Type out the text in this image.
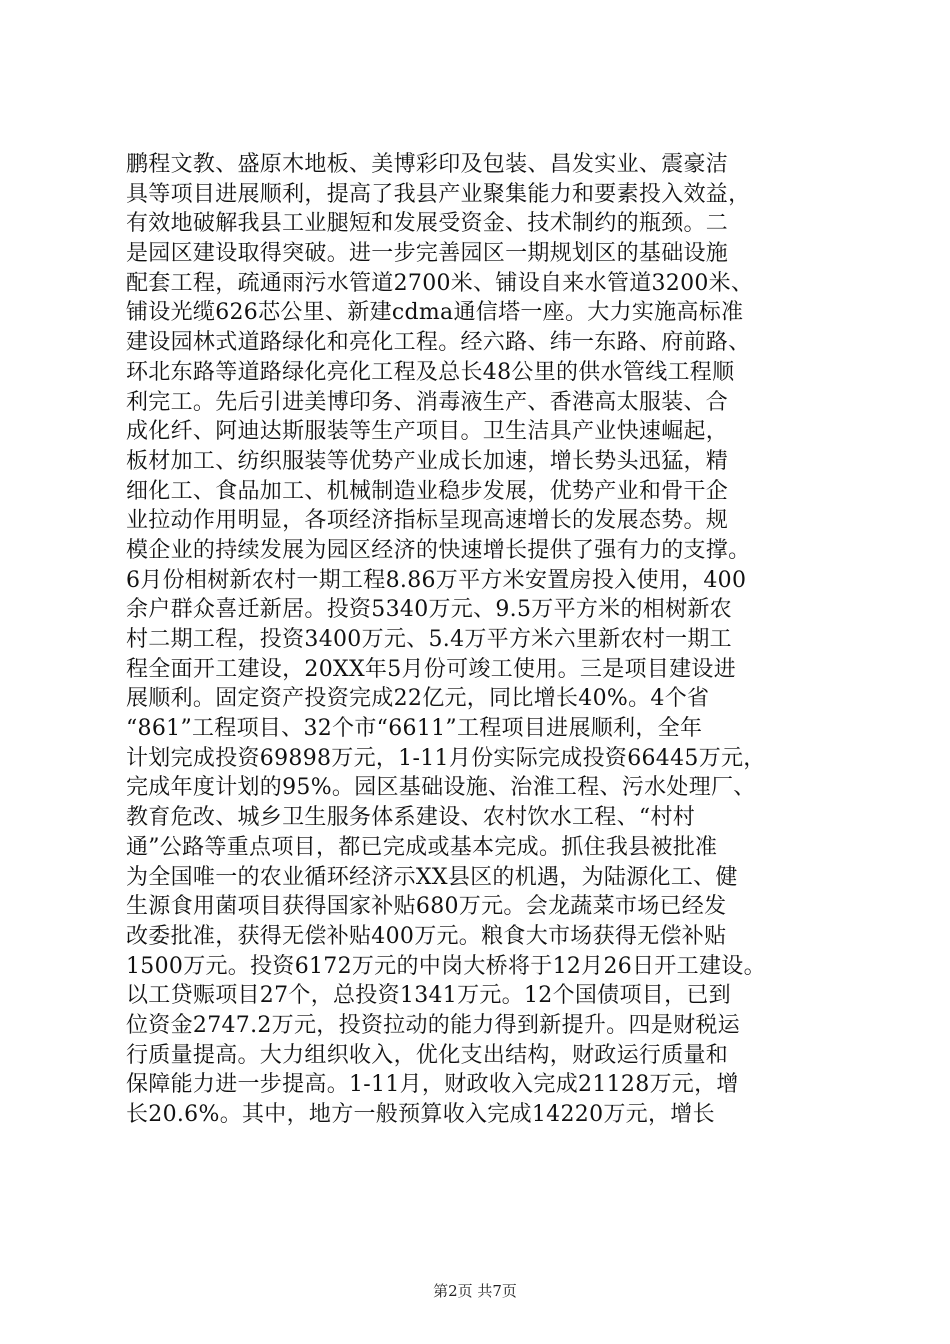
鹏程文教、盛原木地板、美博彩印及包装、昌发实业、震豪洁
具等项目进展顺利，提高了我县产业聚集能力和要素投入效益，
有效地破解我县工业腿短和发展受资金、技术制约的瓶颈。二
是园区建设取得突破。进一步完善园区一期规划区的基础设施
配套工程，疏通雨污水管道2700米、铺设自来水管道3200米、
铺设光缆626芯公里、新建cdma通信塔一座。大力实施高标准
建设园林式道路绿化和亮化工程。经六路、纬一东路、府前路、
环北东路等道路绿化亮化工程及总长48公里的供水管线工程顺
利完工。先后引进美博印务、消毒液生产、香港高太服装、合
成化纤、阿迪达斯服装等生产项目。卫生洁具产业快速崛起，
板材加工、纺织服装等优势产业成长加速，增长势头迅猛，精
细化工、食品加工、机械制造业稳步发展，优势产业和骨干企
业拉动作用明显，各项经济指标呈现高速增长的发展态势。规
模企业的持续发展为园区经济的快速增长提供了强有力的支撑。
6月份相树新农村一期工程8.86万平方米安置房投入使用，400
余户群众喜迁新居。投资5340万元、9.5万平方米的相树新农
村二期工程，投资3400万元、5.4万平方米六里新农村一期工
程全面开工建设，20XX年5月份可竣工使用。三是项目建设进
展顺利。固定资产投资完成22亿元，同比增长40%。4个省
“861”工程项目、32个市“6611”工程项目进展顺利，全年
计划完成投资69898万元，1-11月份实际完成投资66445万元，
完成年度计划的95%。园区基础设施、治淮工程、污水处理厂、
教育危改、城乡卫生服务体系建设、农村饮水工程、“村村
通”公路等重点项目，都已完成或基本完成。抓住我县被批准
为全国唯一的农业循环经济示XX县区的机遇，为陆源化工、健
生源食用菌项目获得国家补贴680万元。会龙蔬菜市场已经发
改委批准，获得无偿补贴400万元。粮食大市场获得无偿补贴
1500万元。投资6172万元的中岗大桥将于12月26日开工建设。
以工贷赈项目27个，总投资1341万元。12个国债项目，已到
位资金2747.2万元，投资拉动的能力得到新提升。四是财税运
行质量提高。大力组织收入，优化支出结构，财政运行质量和
保障能力进一步提高。1-11月，财政收入完成21128万元，增
长20.6%。其中，地方一般预算收入完成14220万元，增长
第2页 共7页
